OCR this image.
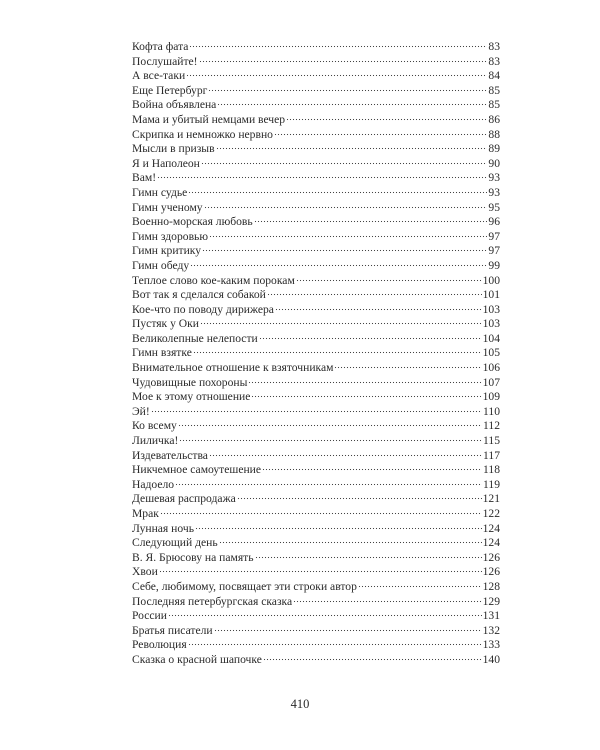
Кофта фата	83
Послушайте!	83
А все-таки	84
Еще Петербург	85
Война объявлена	85
Мама и убитый немцами вечер	86
Скрипка и немножко нервно	88
Мысли в призыв	89
Я и Наполеон	90
Вам!	93
Гимн судье	93
Гимн ученому	95
Военно-морская любовь	96
Гимн здоровью	97
Гимн критику	97
Гимн обеду	99
Теплое слово кое-каким порокам	100
Вот так я сделался собакой	101
Кое-что по поводу дирижера	103
Пустяк у Оки	103
Великолепные нелепости	104
Гимн взятке	105
Внимательное отношение к взяточникам	106
Чудовищные похороны	107
Мое к этому отношение	109
Эй!	110
Ко всему	112
Лиличка!	115
Издевательства	117
Никчемное самоутешение	118
Надоело	119
Дешевая распродажа	121
Мрак	122
Лунная ночь	124
Следующий день	124
В. Я. Брюсову на память	126
Хвои	126
Себе, любимому, посвящает эти строки автор	128
Последняя петербургская сказка	129
России	131
Братья писатели	132
Революция	133
Сказка о красной шапочке	140
410
